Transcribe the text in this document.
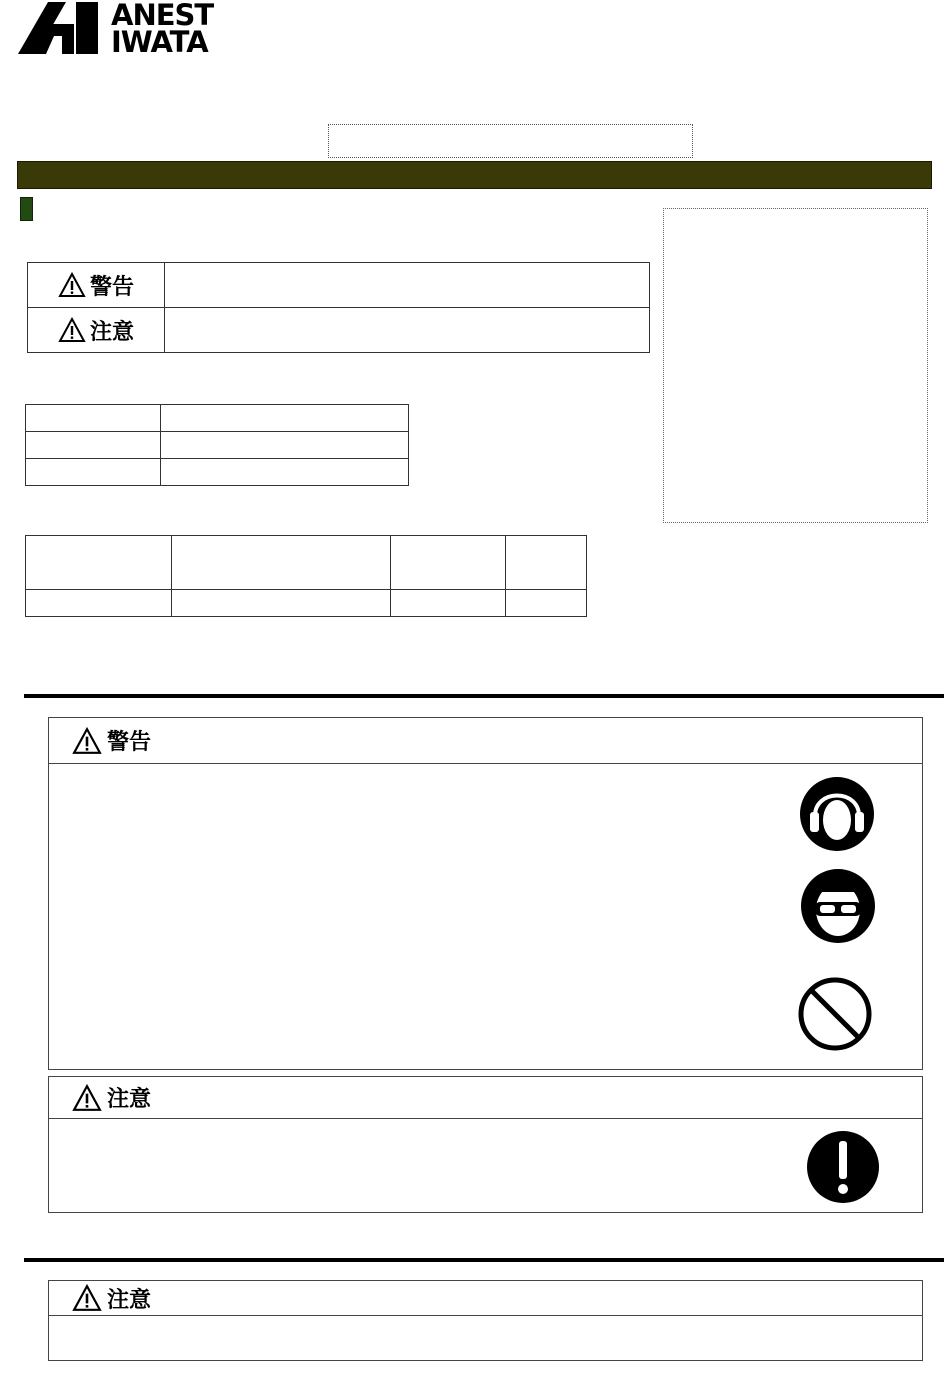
ANEST
IWATA
警告	

注意	

警告
注意
注意
